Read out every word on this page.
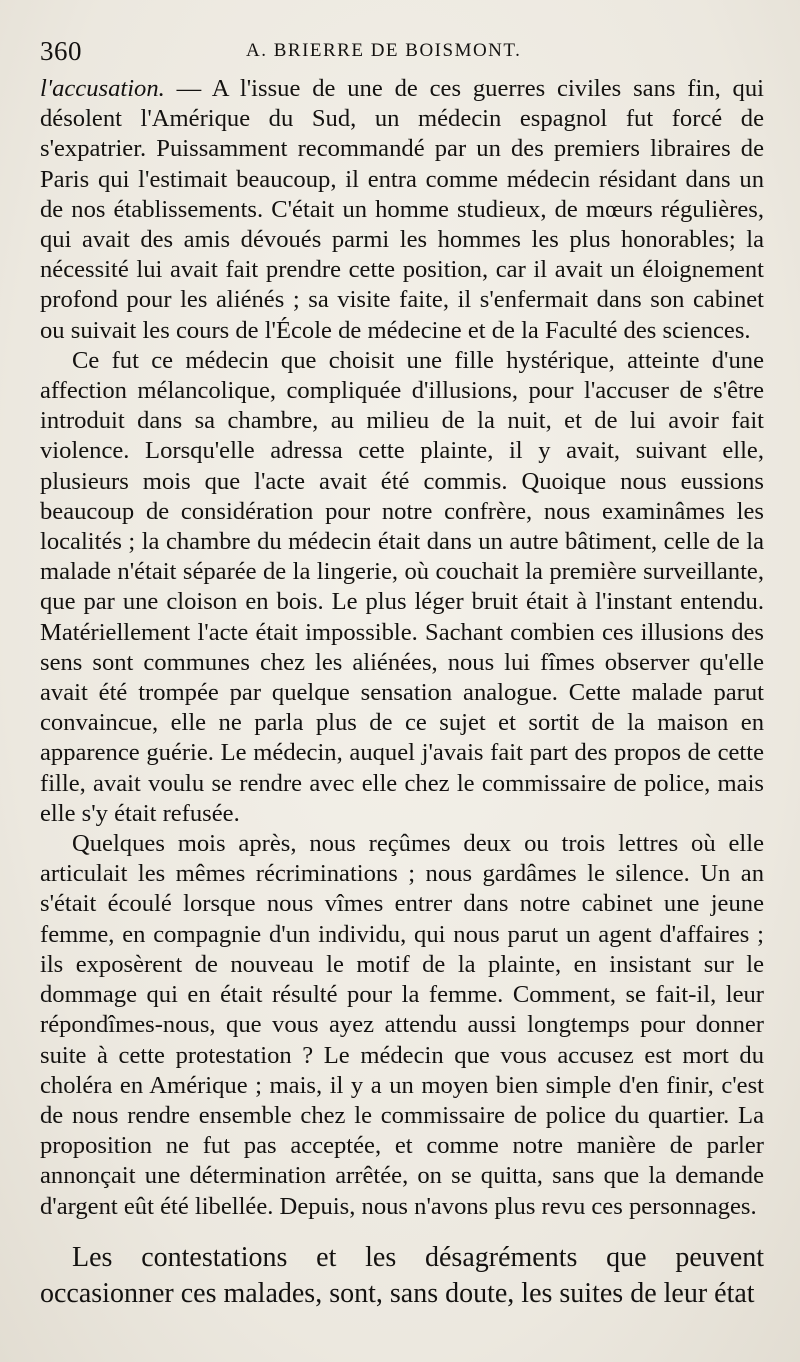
360	A. BRIERRE DE BOISMONT.

l'accusation. — A l'issue de une de ces guerres civiles sans fin, qui désolent l'Amérique du Sud, un médecin espagnol fut forcé de s'expatrier. Puissamment recommandé par un des premiers libraires de Paris qui l'estimait beaucoup, il entra comme médecin résidant dans un de nos établissements. C'était un homme studieux, de mœurs régulières, qui avait des amis dévoués parmi les hommes les plus honorables; la nécessité lui avait fait prendre cette position, car il avait un éloignement profond pour les aliénés ; sa visite faite, il s'enfermait dans son cabinet ou suivait les cours de l'École de médecine et de la Faculté des sciences.

Ce fut ce médecin que choisit une fille hystérique, atteinte d'une affection mélancolique, compliquée d'illusions, pour l'accuser de s'être introduit dans sa chambre, au milieu de la nuit, et de lui avoir fait violence. Lorsqu'elle adressa cette plainte, il y avait, suivant elle, plusieurs mois que l'acte avait été commis. Quoique nous eussions beaucoup de considération pour notre confrère, nous examinâmes les localités ; la chambre du médecin était dans un autre bâtiment, celle de la malade n'était séparée de la lingerie, où couchait la première surveillante, que par une cloison en bois. Le plus léger bruit était à l'instant entendu. Matériellement l'acte était impossible. Sachant combien ces illusions des sens sont communes chez les aliénées, nous lui fîmes observer qu'elle avait été trompée par quelque sensation analogue. Cette malade parut convaincue, elle ne parla plus de ce sujet et sortit de la maison en apparence guérie. Le médecin, auquel j'avais fait part des propos de cette fille, avait voulu se rendre avec elle chez le commissaire de police, mais elle s'y était refusée.

Quelques mois après, nous reçûmes deux ou trois lettres où elle articulait les mêmes récriminations ; nous gardâmes le silence. Un an s'était écoulé lorsque nous vîmes entrer dans notre cabinet une jeune femme, en compagnie d'un individu, qui nous parut un agent d'affaires ; ils exposèrent de nouveau le motif de la plainte, en insistant sur le dommage qui en était résulté pour la femme. Comment, se fait-il, leur répondîmes-nous, que vous ayez attendu aussi longtemps pour donner suite à cette protestation ? Le médecin que vous accusez est mort du choléra en Amérique ; mais, il y a un moyen bien simple d'en finir, c'est de nous rendre ensemble chez le commissaire de police du quartier. La proposition ne fut pas acceptée, et comme notre manière de parler annonçait une détermination arrêtée, on se quitta, sans que la demande d'argent eût été libellée. Depuis, nous n'avons plus revu ces personnages.

Les contestations et les désagréments que peuvent occasionner ces malades, sont, sans doute, les suites de leur état
